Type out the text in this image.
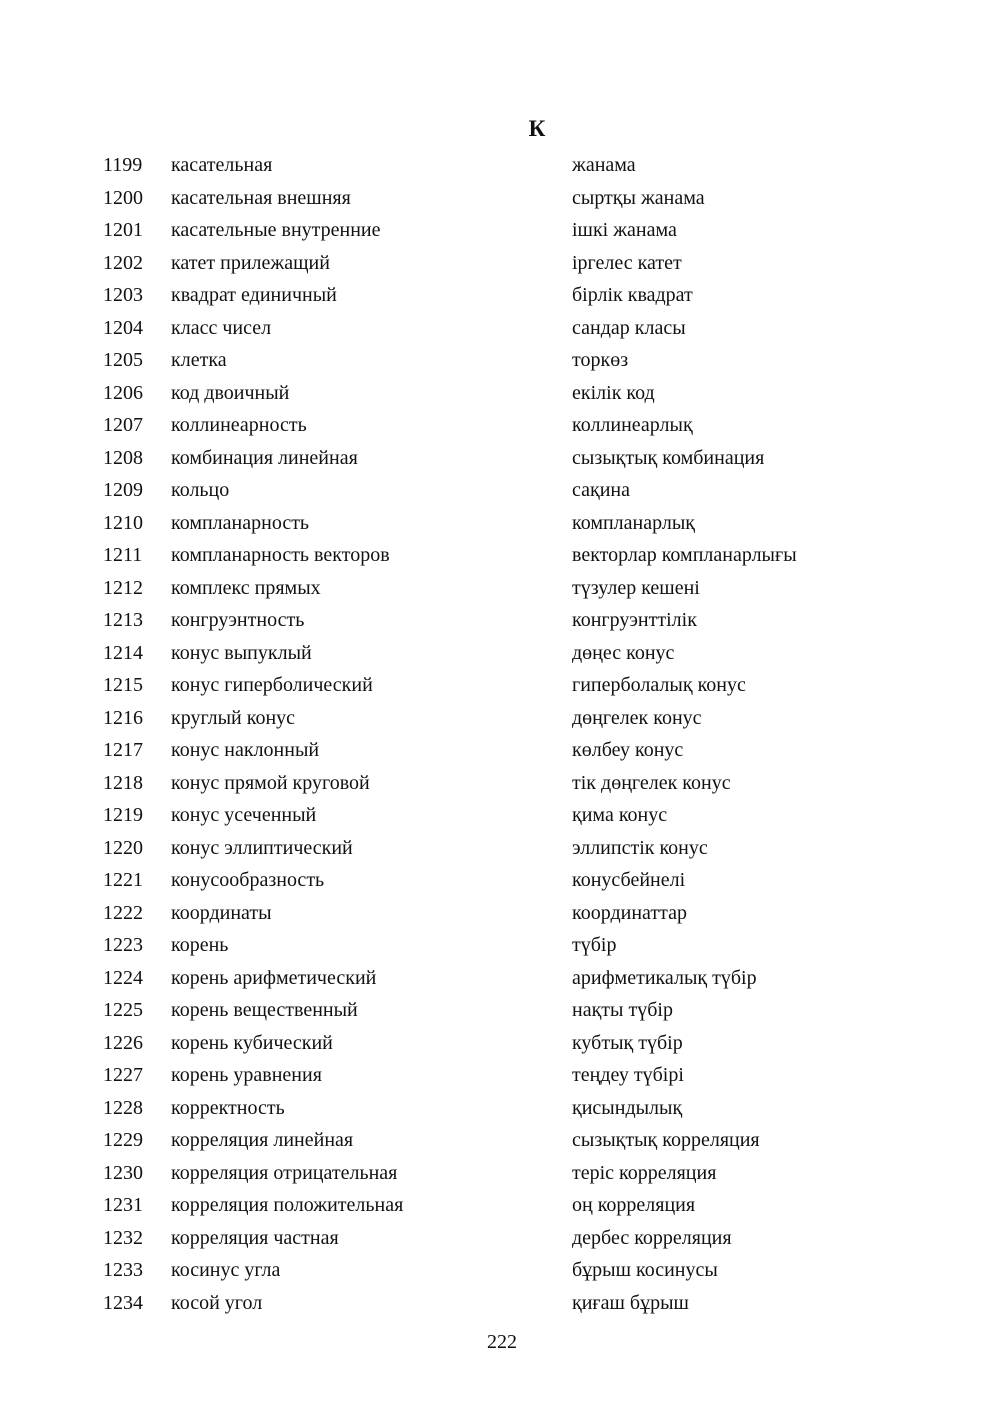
К
1199 касательная	жанама
1200 касательная внешняя	сыртқы жанама
1201 касательные внутренние	ішкі жанама
1202 катет прилежащий	іргелес катет
1203 квадрат единичный	бірлік квадрат
1204 класс чисел	сандар класы
1205 клетка	торкөз
1206 код двоичный	екілік код
1207 коллинеарность	коллинеарлық
1208 комбинация линейная	сызықтық комбинация
1209 кольцо	сақина
1210 компланарность	компланарлық
1211 компланарность векторов	векторлар компланарлығы
1212 комплекс прямых	түзулер кешені
1213 конгруэнтность	конгруэнттілік
1214 конус выпуклый	дөңес конус
1215 конус гиперболический	гиперболалық конус
1216 круглый конус	дөңгелек конус
1217 конус наклонный	көлбеу конус
1218 конус прямой круговой	тік дөңгелек конус
1219 конус усеченный	қима конус
1220 конус эллиптический	эллипстік конус
1221 конусообразность	конусбейнелі
1222 координаты	координаттар
1223 корень	түбір
1224 корень арифметический	арифметикалық түбір
1225 корень вещественный	нақты түбір
1226 корень кубический	кубтық түбір
1227 корень уравнения	теңдеу түбірі
1228 корректность	қисындылық
1229 корреляция линейная	сызықтық корреляция
1230 корреляция отрицательная	теріс корреляция
1231 корреляция положительная	оң корреляция
1232 корреляция частная	дербес корреляция
1233 косинус угла	бұрыш косинусы
1234 косой угол	қиғаш бұрыш
222
